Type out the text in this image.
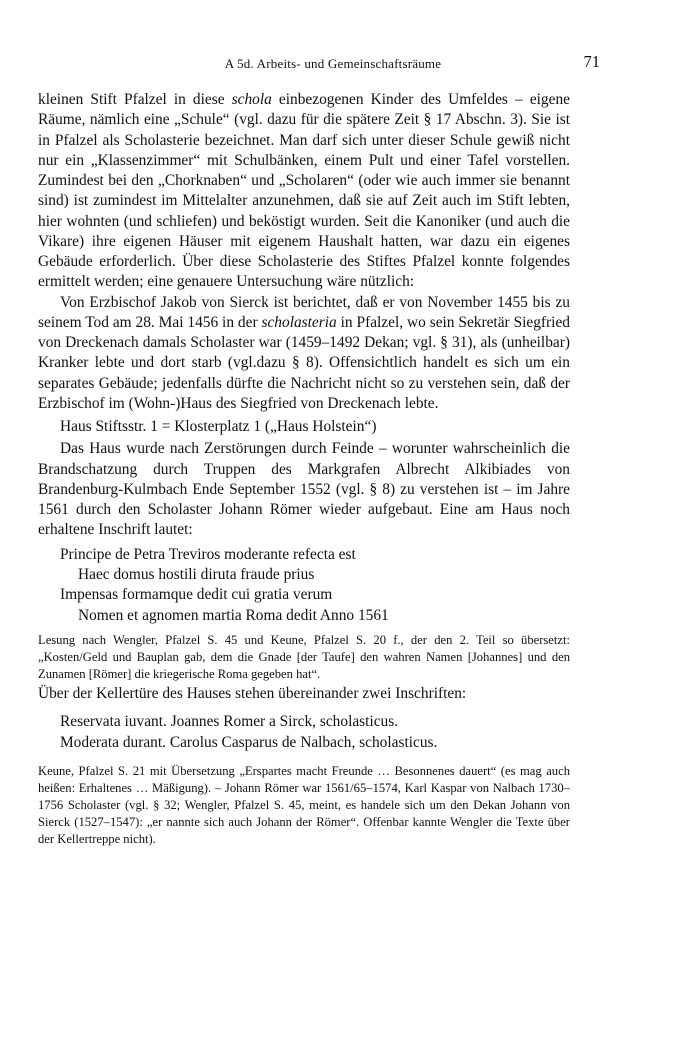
A 5d. Arbeits- und Gemeinschaftsräume	71

kleinen Stift Pfalzel in diese schola einbezogenen Kinder des Umfeldes – eigene Räume, nämlich eine „Schule“ (vgl. dazu für die spätere Zeit § 17 Abschn. 3). Sie ist in Pfalzel als Scholasterie bezeichnet. Man darf sich unter dieser Schule gewiß nicht nur ein „Klassenzimmer“ mit Schulbänken, einem Pult und einer Tafel vorstellen. Zumindest bei den „Chorknaben“ und „Scholaren“ (oder wie auch immer sie benannt sind) ist zumindest im Mittelalter anzunehmen, daß sie auf Zeit auch im Stift lebten, hier wohnten (und schliefen) und beköstigt wurden. Seit die Kanoniker (und auch die Vikare) ihre eigenen Häuser mit eigenem Haushalt hatten, war dazu ein eigenes Gebäude erforderlich. Über diese Scholasterie des Stiftes Pfalzel konnte folgendes ermittelt werden; eine genauere Untersuchung wäre nützlich:

Von Erzbischof Jakob von Sierck ist berichtet, daß er von November 1455 bis zu seinem Tod am 28. Mai 1456 in der scholasteria in Pfalzel, wo sein Sekretär Siegfried von Dreckenach damals Scholaster war (1459–1492 Dekan; vgl. § 31), als (unheilbar) Kranker lebte und dort starb (vgl.dazu § 8). Offensichtlich handelt es sich um ein separates Gebäude; jedenfalls dürfte die Nachricht nicht so zu verstehen sein, daß der Erzbischof im (Wohn-)Haus des Siegfried von Dreckenach lebte.

Haus Stiftsstr. 1 = Klosterplatz 1 („Haus Holstein“)

Das Haus wurde nach Zerstörungen durch Feinde – worunter wahrscheinlich die Brandschatzung durch Truppen des Markgrafen Albrecht Alkibiades von Brandenburg-Kulmbach Ende September 1552 (vgl. § 8) zu verstehen ist – im Jahre 1561 durch den Scholaster Johann Römer wieder aufgebaut. Eine am Haus noch erhaltene Inschrift lautet:

Principe de Petra Treviros moderante refecta est

Haec domus hostili diruta fraude prius

Impensas formamque dedit cui gratia verum

Nomen et agnomen martia Roma dedit Anno 1561

Lesung nach Wengler, Pfalzel S. 45 und Keune, Pfalzel S. 20 f., der den 2. Teil so übersetzt: „Kosten/Geld und Bauplan gab, dem die Gnade [der Taufe] den wahren Namen [Johannes] und den Zunamen [Römer] die kriegerische Roma gegeben hat“.

Über der Kellertüre des Hauses stehen übereinander zwei Inschriften:

Reservata iuvant. Joannes Romer a Sirck, scholasticus.

Moderata durant. Carolus Casparus de Nalbach, scholasticus.

Keune, Pfalzel S. 21 mit Übersetzung „Erspartes macht Freunde … Besonnenes dauert“ (es mag auch heißen: Erhaltenes … Mäßigung). – Johann Römer war 1561/65–1574, Karl Kaspar von Nalbach 1730–1756 Scholaster (vgl. § 32; Wengler, Pfalzel S. 45, meint, es handele sich um den Dekan Johann von Sierck (1527–1547): „er nannte sich auch Johann der Römer“. Offenbar kannte Wengler die Texte über der Kellertreppe nicht).
